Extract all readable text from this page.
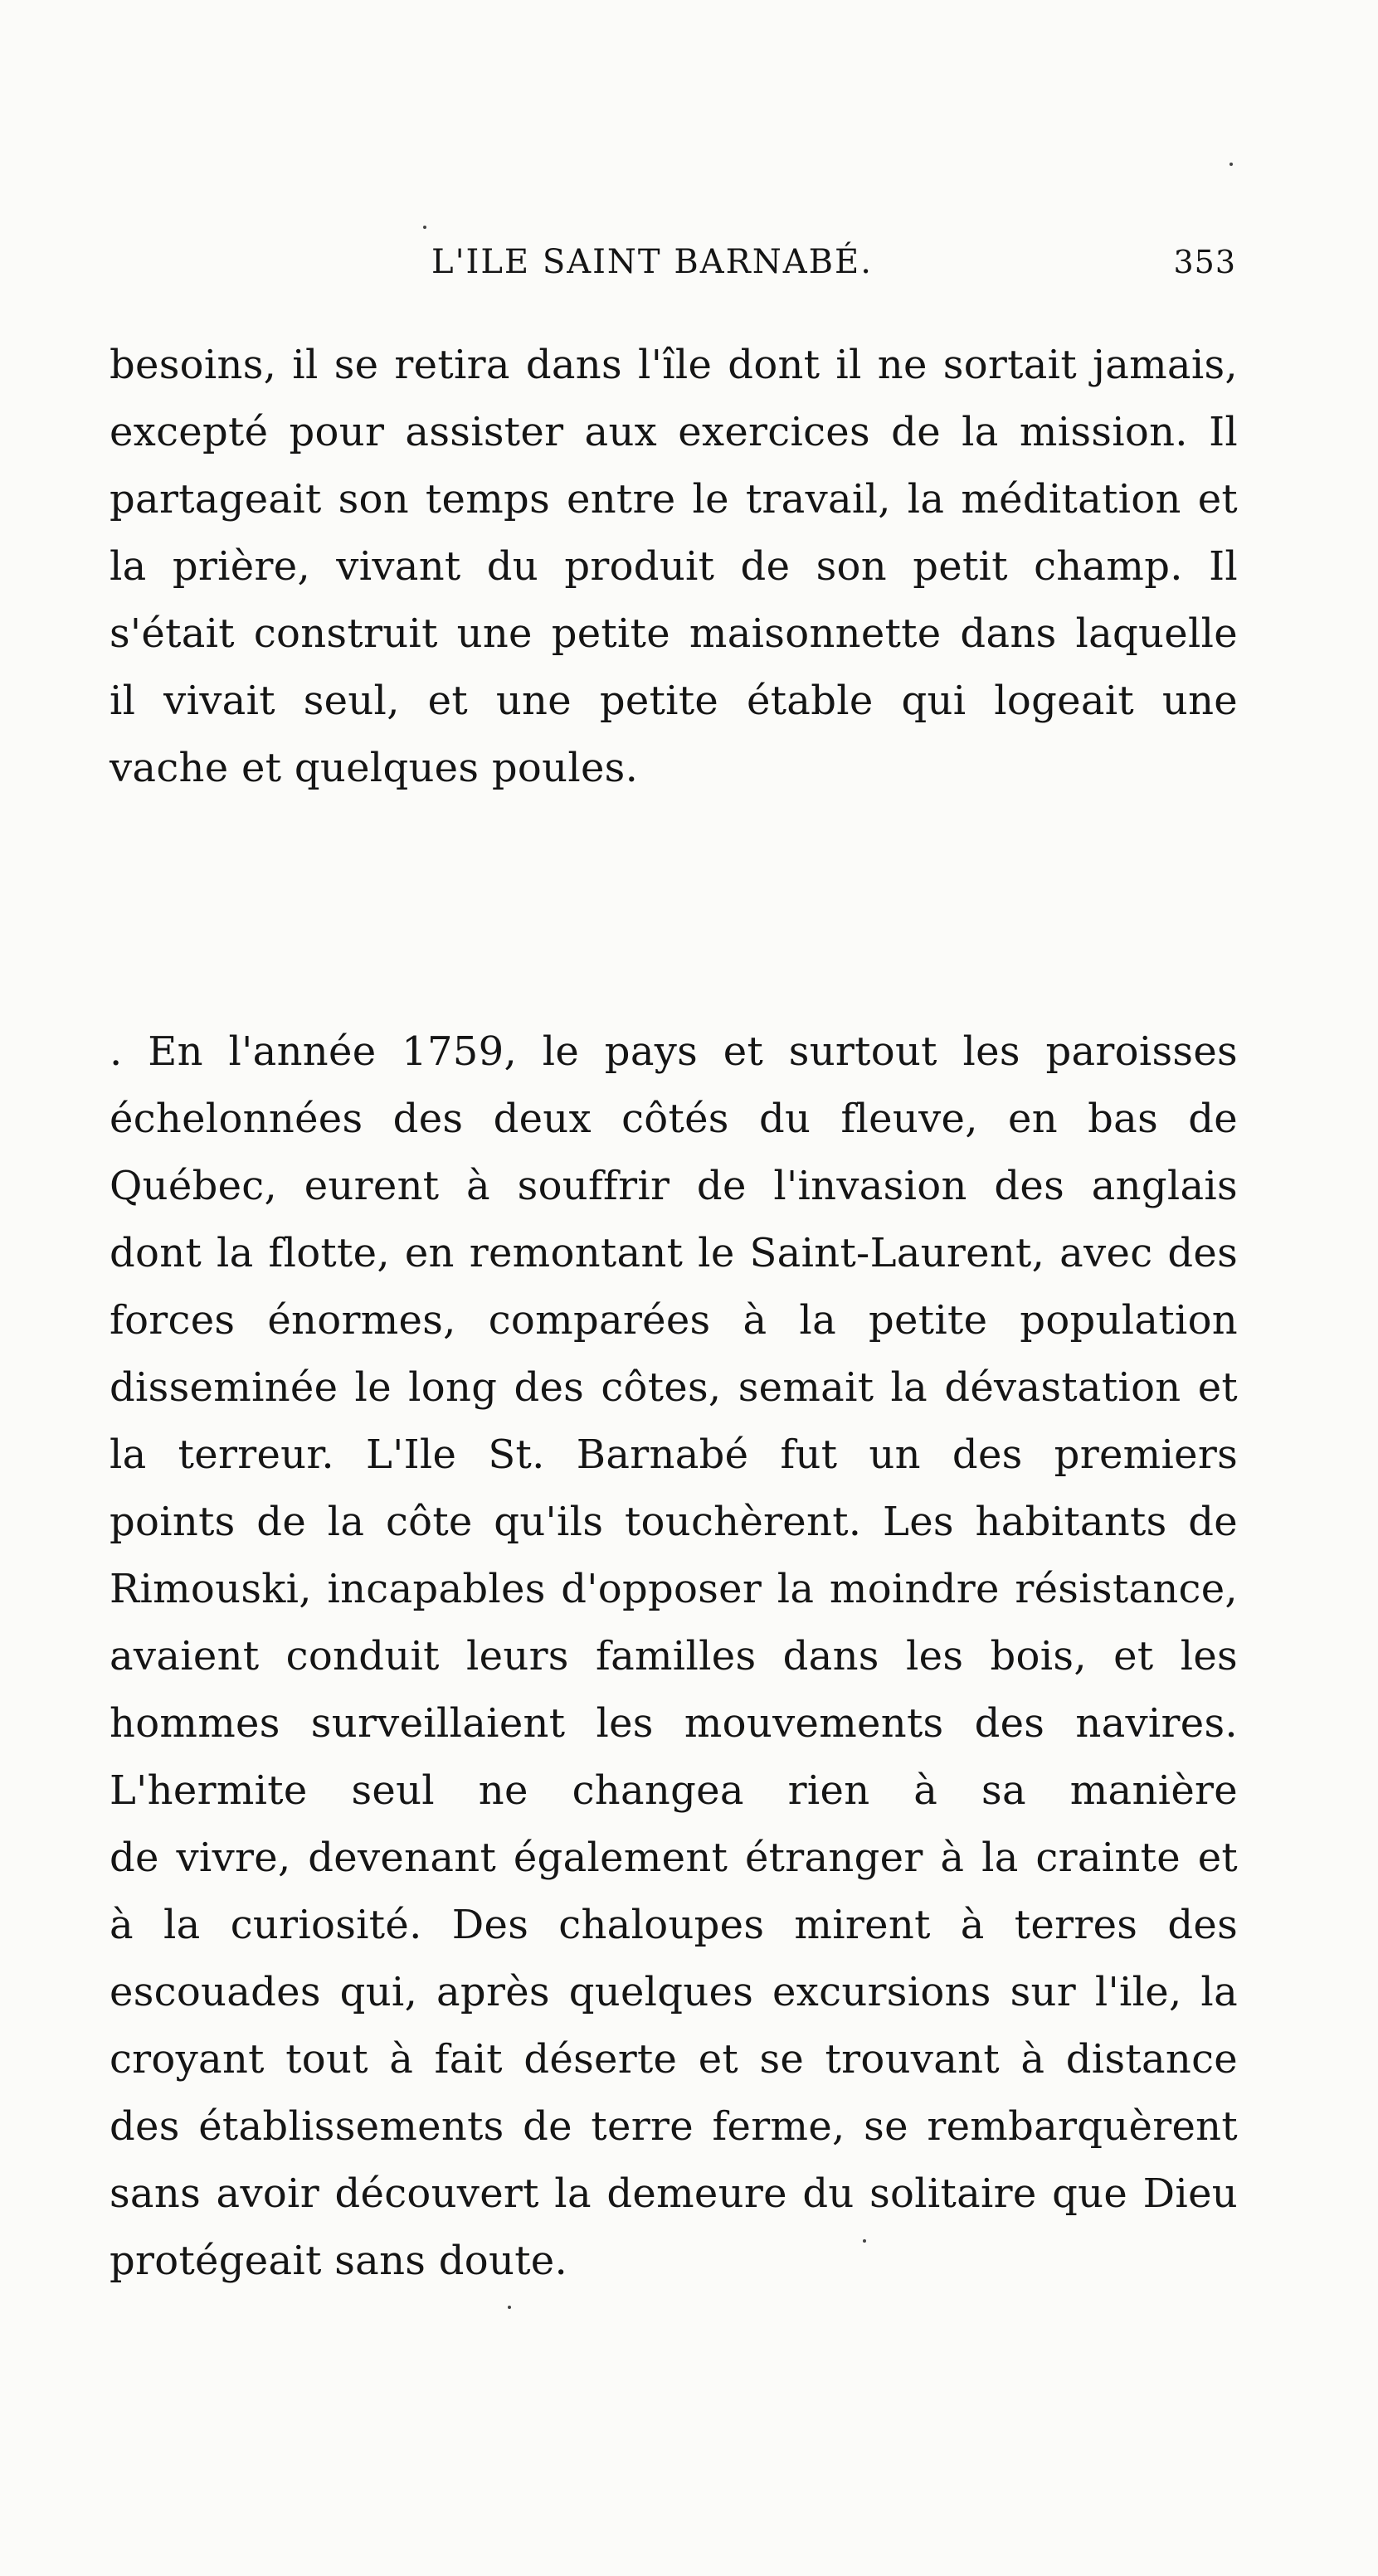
L'ILE SAINT BARNABÉ.	353
besoins, il se retira dans l'île dont il ne sortait jamais,
excepté pour assister aux exercices de la mission. Il
partageait son temps entre le travail, la méditation et
la prière, vivant du produit de son petit champ. Il
s'était construit une petite maisonnette dans laquelle
il vivait seul, et une petite étable qui logeait une
vache et quelques poules.
. En l'année 1759, le pays et surtout les paroisses
échelonnées des deux côtés du fleuve, en bas de
Québec, eurent à souffrir de l'invasion des anglais
dont la flotte, en remontant le Saint-Laurent, avec des
forces énormes, comparées à la petite population
disseminée le long des côtes, semait la dévastation et
la terreur. L'Ile St. Barnabé fut un des premiers
points de la côte qu'ils touchèrent. Les habitants de
Rimouski, incapables d'opposer la moindre résistance,
avaient conduit leurs familles dans les bois, et les
hommes surveillaient les mouvements des navires.
L'hermite seul ne changea rien à sa manière
de vivre, devenant également étranger à la crainte et
à la curiosité. Des chaloupes mirent à terres des
escouades qui, après quelques excursions sur l'ile, la
croyant tout à fait déserte et se trouvant à distance
des établissements de terre ferme, se rembarquèrent
sans avoir découvert la demeure du solitaire que Dieu
protégeait sans doute.
